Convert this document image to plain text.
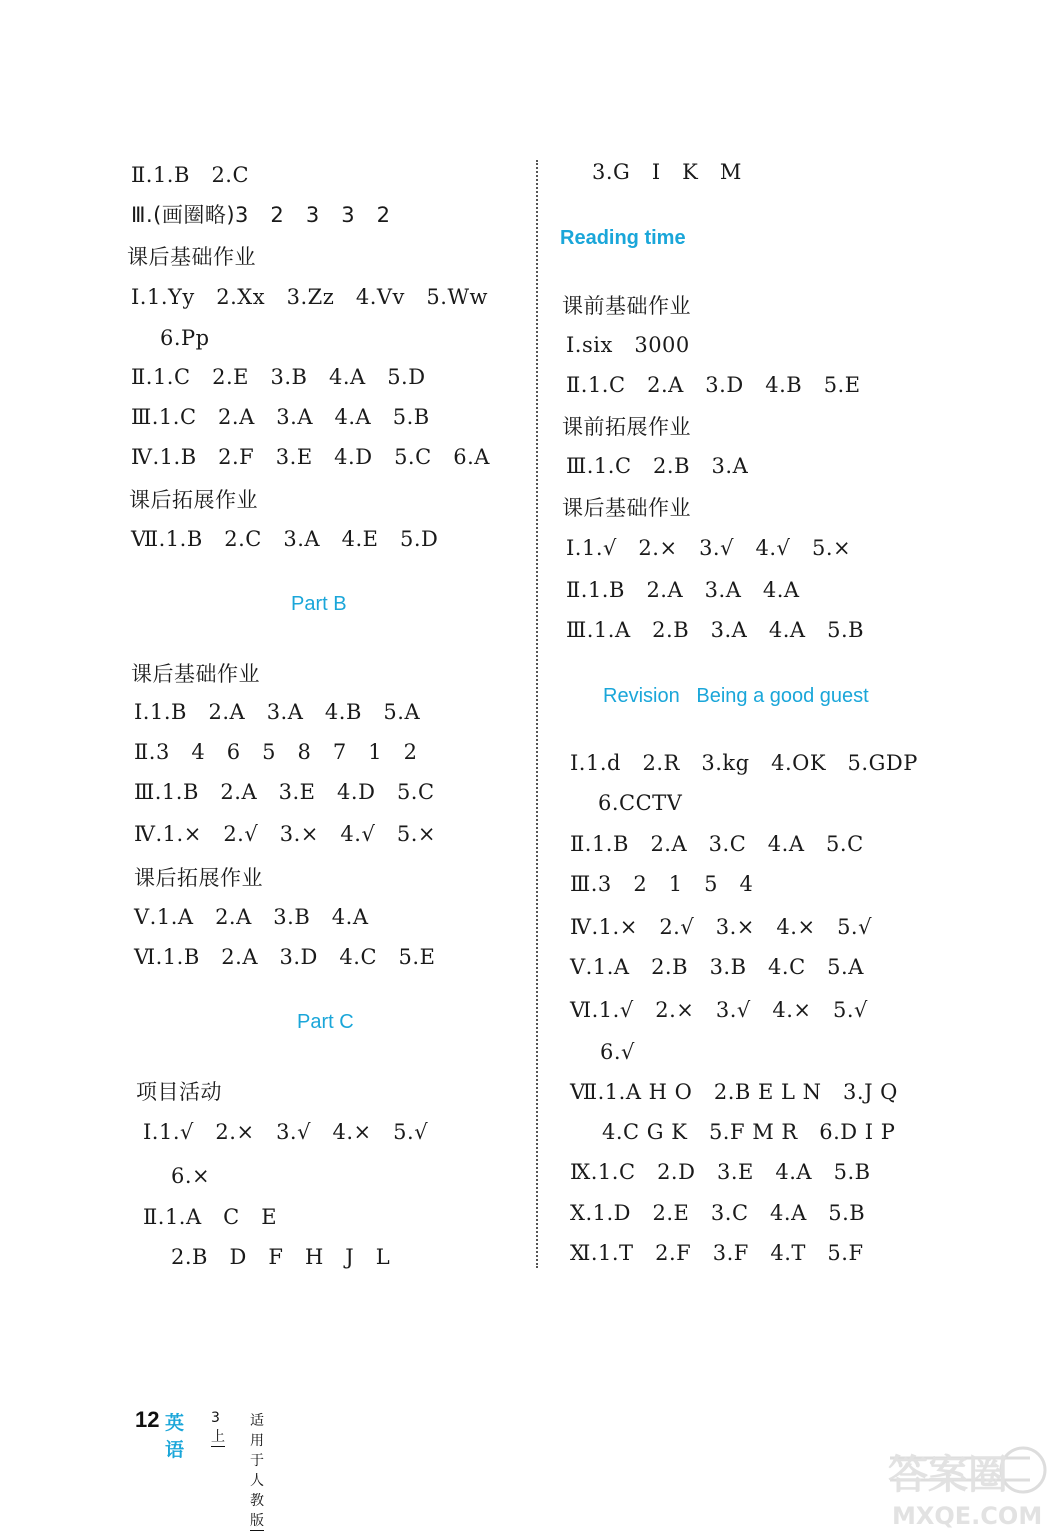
Ⅱ.1.B   2.C
Ⅲ.(画圈略)3   2   3   3   2
课后基础作业
Ⅰ.1.Yy   2.Xx   3.Zz   4.Vv   5.Ww
6.Pp
Ⅱ.1.C   2.E   3.B   4.A   5.D
Ⅲ.1.C   2.A   3.A   4.A   5.B
Ⅳ.1.B   2.F   3.E   4.D   5.C   6.A
课后拓展作业
Ⅶ.1.B   2.C   3.A   4.E   5.D
Part B
课后基础作业
Ⅰ.1.B   2.A   3.A   4.B   5.A
Ⅱ.3   4   6   5   8   7   1   2
Ⅲ.1.B   2.A   3.E   4.D   5.C
Ⅳ.1.×   2.√   3.×   4.√   5.×
课后拓展作业
Ⅴ.1.A   2.A   3.B   4.A
Ⅵ.1.B   2.A   3.D   4.C   5.E
Part C
项目活动
Ⅰ.1.√   2.×   3.√   4.×   5.√
6.×
Ⅱ.1.A   C   E
2.B   D   F   H   J   L
3.G   I   K   M
Reading time
课前基础作业
Ⅰ.six   3000
Ⅱ.1.C   2.A   3.D   4.B   5.E
课前拓展作业
Ⅲ.1.C   2.B   3.A
课后基础作业
Ⅰ.1.√   2.×   3.√   4.√   5.×
Ⅱ.1.B   2.A   3.A   4.A
Ⅲ.1.A   2.B   3.A   4.A   5.B
Revision   Being a good guest
Ⅰ.1.d   2.R   3.kg   4.OK   5.GDP
6.CCTV
Ⅱ.1.B   2.A   3.C   4.A   5.C
Ⅲ.3   2   1   5   4
Ⅳ.1.×   2.√   3.×   4.×   5.√
Ⅴ.1.A   2.B   3.B   4.C   5.A
Ⅵ.1.√   2.×   3.√   4.×   5.√
6.√
Ⅶ.1.A H O   2.B E L N   3.J Q
4.C G K   5.F M R   6.D I P
Ⅸ.1.C   2.D   3.E   4.A   5.B
Ⅹ.1.D   2.E   3.C   4.A   5.B
Ⅺ.1.T   2.F   3.F   4.T   5.F
12 英语
3上
适用于人教版
答案圈
MXQE.COM
